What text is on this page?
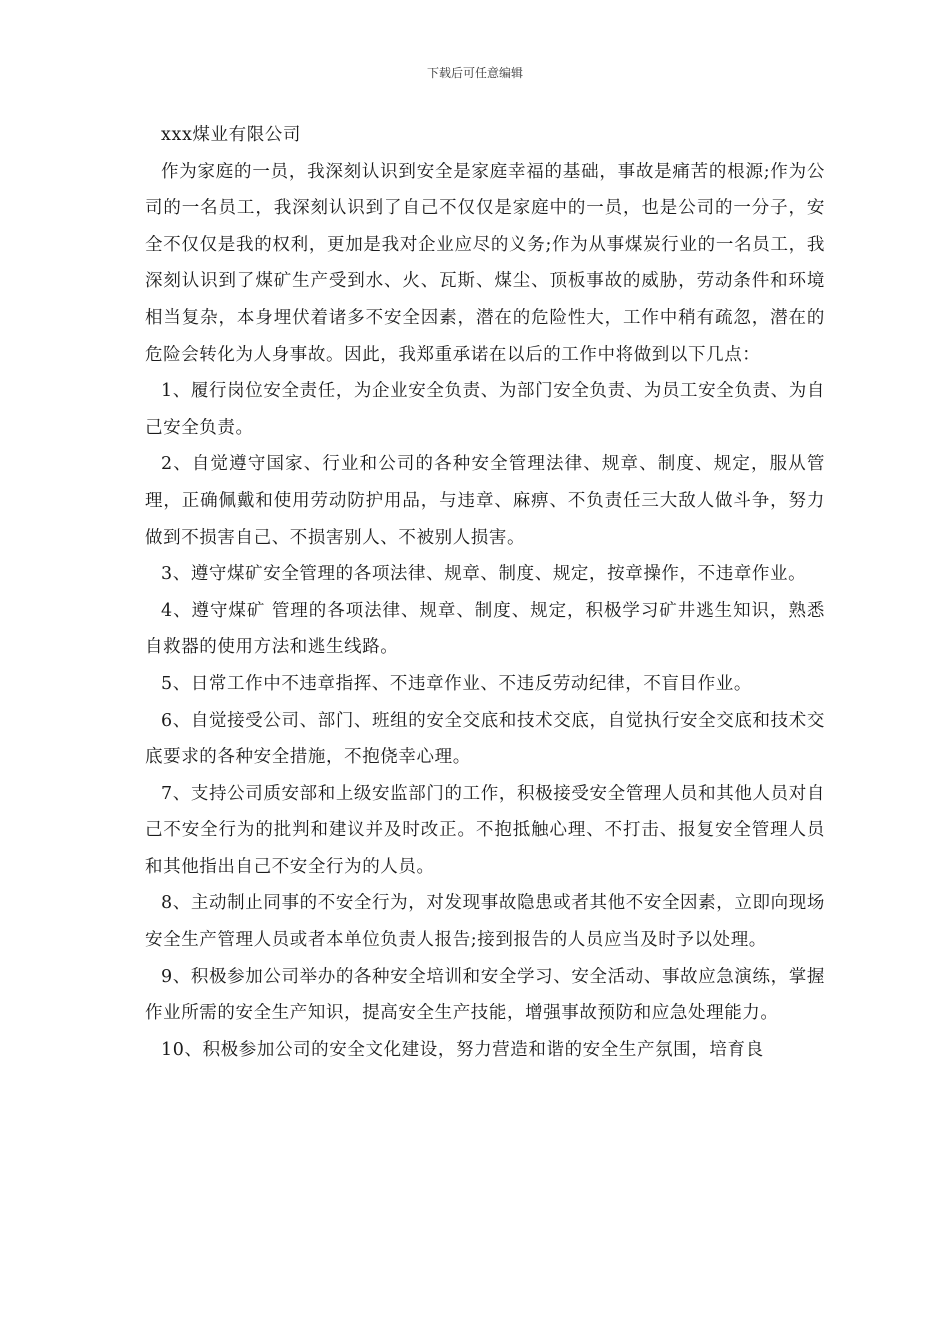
下载后可任意编辑

xxx煤业有限公司

作为家庭的一员，我深刻认识到安全是家庭幸福的基础，事故是痛苦的根源;作为公司的一名员工，我深刻认识到了自己不仅仅是家庭中的一员，也是公司的一分子，安全不仅仅是我的权利，更加是我对企业应尽的义务;作为从事煤炭行业的一名员工，我深刻认识到了煤矿生产受到水、火、瓦斯、煤尘、顶板事故的威胁，劳动条件和环境相当复杂，本身埋伏着诸多不安全因素，潜在的危险性大，工作中稍有疏忽，潜在的危险会转化为人身事故。因此，我郑重承诺在以后的工作中将做到以下几点：

1、履行岗位安全责任，为企业安全负责、为部门安全负责、为员工安全负责、为自己安全负责。

2、自觉遵守国家、行业和公司的各种安全管理法律、规章、制度、规定，服从管理，正确佩戴和使用劳动防护用品，与违章、麻痹、不负责任三大敌人做斗争，努力做到不损害自己、不损害别人、不被别人损害。

3、遵守煤矿安全管理的各项法律、规章、制度、规定，按章操作，不违章作业。

4、遵守煤矿 管理的各项法律、规章、制度、规定，积极学习矿井逃生知识，熟悉自救器的使用方法和逃生线路。

5、日常工作中不违章指挥、不违章作业、不违反劳动纪律，不盲目作业。

6、自觉接受公司、部门、班组的安全交底和技术交底，自觉执行安全交底和技术交底要求的各种安全措施，不抱侥幸心理。

7、支持公司质安部和上级安监部门的工作，积极接受安全管理人员和其他人员对自己不安全行为的批判和建议并及时改正。不抱抵触心理、不打击、报复安全管理人员和其他指出自己不安全行为的人员。

8、主动制止同事的不安全行为，对发现事故隐患或者其他不安全因素，立即向现场安全生产管理人员或者本单位负责人报告;接到报告的人员应当及时予以处理。

9、积极参加公司举办的各种安全培训和安全学习、安全活动、事故应急演练，掌握作业所需的安全生产知识，提高安全生产技能，增强事故预防和应急处理能力。

10、积极参加公司的安全文化建设，努力营造和谐的安全生产氛围，培育良
